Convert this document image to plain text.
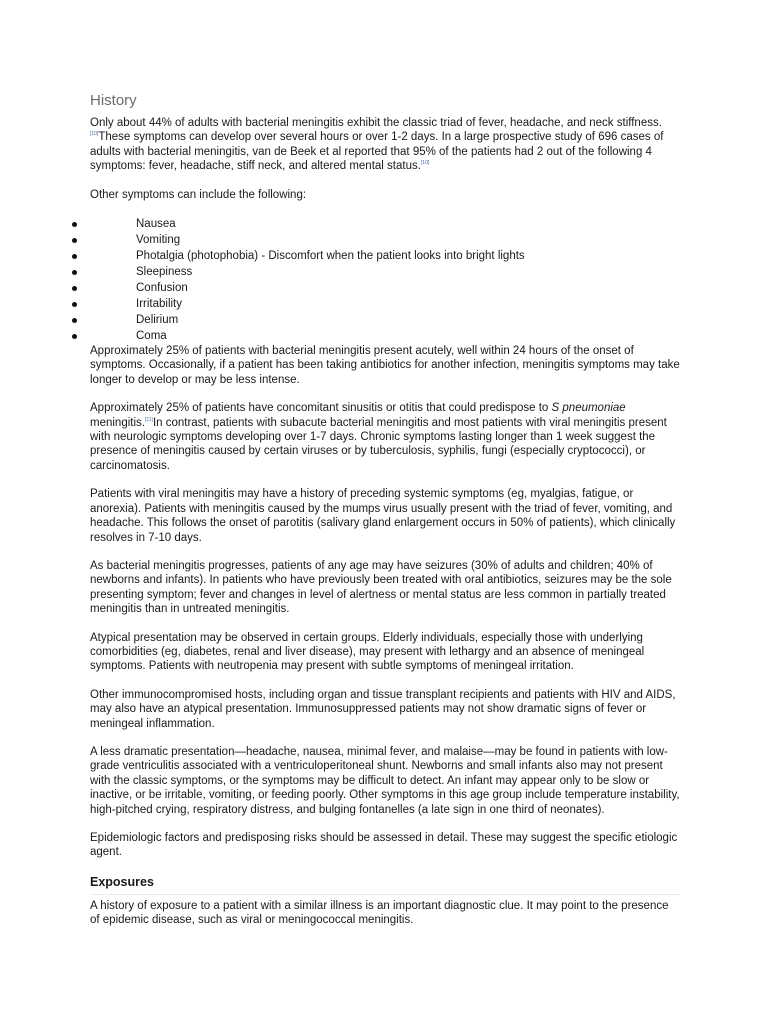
History

Only about 44% of adults with bacterial meningitis exhibit the classic triad of fever, headache, and neck stiffness.[10]These symptoms can develop over several hours or over 1-2 days. In a large prospective study of 696 cases of adults with bacterial meningitis, van de Beek et al reported that 95% of the patients had 2 out of the following 4 symptoms: fever, headache, stiff neck, and altered mental status.[10]

Other symptoms can include the following:

Nausea
Vomiting
Photalgia (photophobia) - Discomfort when the patient looks into bright lights
Sleepiness
Confusion
Irritability
Delirium
Coma

Approximately 25% of patients with bacterial meningitis present acutely, well within 24 hours of the onset of symptoms. Occasionally, if a patient has been taking antibiotics for another infection, meningitis symptoms may take longer to develop or may be less intense.

Approximately 25% of patients have concomitant sinusitis or otitis that could predispose to S pneumoniae meningitis.[11]In contrast, patients with subacute bacterial meningitis and most patients with viral meningitis present with neurologic symptoms developing over 1-7 days. Chronic symptoms lasting longer than 1 week suggest the presence of meningitis caused by certain viruses or by tuberculosis, syphilis, fungi (especially cryptococci), or carcinomatosis.

Patients with viral meningitis may have a history of preceding systemic symptoms (eg, myalgias, fatigue, or anorexia). Patients with meningitis caused by the mumps virus usually present with the triad of fever, vomiting, and headache. This follows the onset of parotitis (salivary gland enlargement occurs in 50% of patients), which clinically resolves in 7-10 days.

As bacterial meningitis progresses, patients of any age may have seizures (30% of adults and children; 40% of newborns and infants). In patients who have previously been treated with oral antibiotics, seizures may be the sole presenting symptom; fever and changes in level of alertness or mental status are less common in partially treated meningitis than in untreated meningitis.

Atypical presentation may be observed in certain groups. Elderly individuals, especially those with underlying comorbidities (eg, diabetes, renal and liver disease), may present with lethargy and an absence of meningeal symptoms. Patients with neutropenia may present with subtle symptoms of meningeal irritation.

Other immunocompromised hosts, including organ and tissue transplant recipients and patients with HIV and AIDS, may also have an atypical presentation. Immunosuppressed patients may not show dramatic signs of fever or meningeal inflammation.

A less dramatic presentation—headache, nausea, minimal fever, and malaise—may be found in patients with low-grade ventriculitis associated with a ventriculoperitoneal shunt. Newborns and small infants also may not present with the classic symptoms, or the symptoms may be difficult to detect. An infant may appear only to be slow or inactive, or be irritable, vomiting, or feeding poorly. Other symptoms in this age group include temperature instability, high-pitched crying, respiratory distress, and bulging fontanelles (a late sign in one third of neonates).

Epidemiologic factors and predisposing risks should be assessed in detail. These may suggest the specific etiologic agent.

Exposures

A history of exposure to a patient with a similar illness is an important diagnostic clue. It may point to the presence of epidemic disease, such as viral or meningococcal meningitis.
